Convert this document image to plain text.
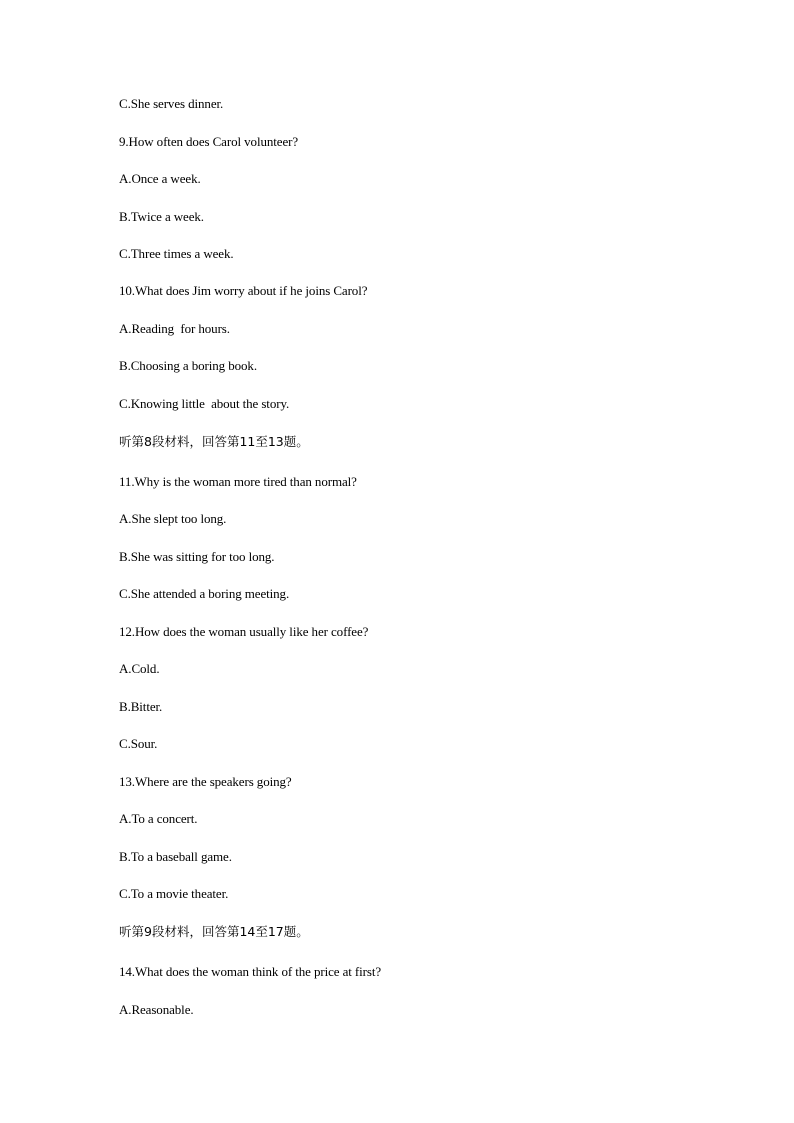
C.She serves dinner.
9.How often does Carol volunteer?
A.Once a week.
B.Twice a week.
C.Three times a week.
10.What does Jim worry about if he joins Carol?
A.Reading  for hours.
B.Choosing a boring book.
C.Knowing little  about the story.
听第8段材料，回答第11至13题。
11.Why is the woman more tired than normal?
A.She slept too long.
B.She was sitting for too long.
C.She attended a boring meeting.
12.How does the woman usually like her coffee?
A.Cold.
B.Bitter.
C.Sour.
13.Where are the speakers going?
A.To a concert.
B.To a baseball game.
C.To a movie theater.
听第9段材料，回答第14至17题。
14.What does the woman think of the price at first?
A.Reasonable.
